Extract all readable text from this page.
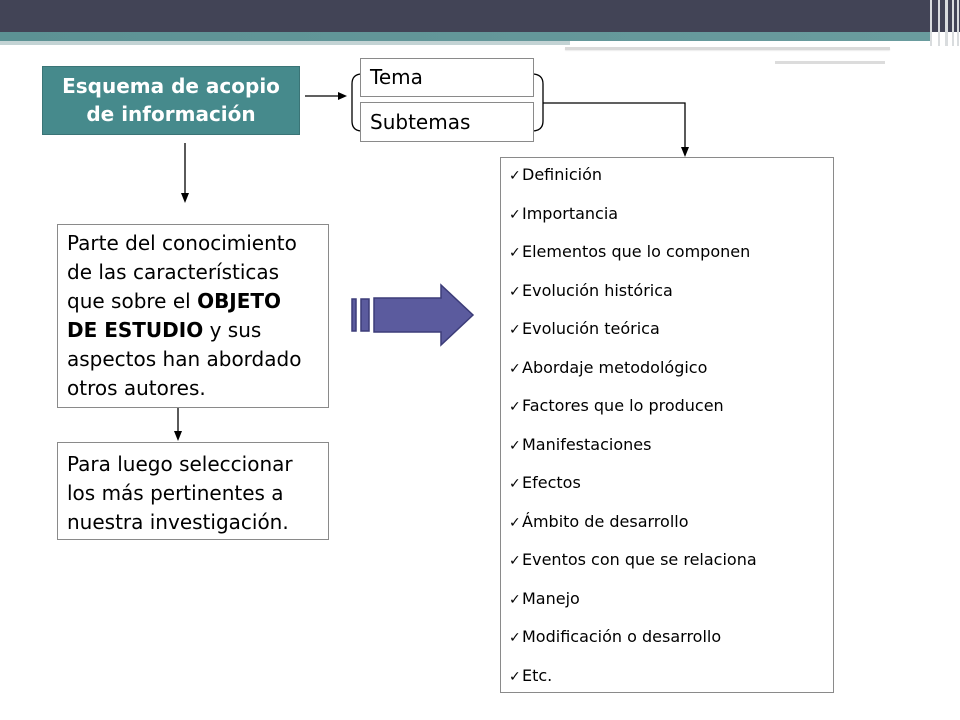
Esquema de acopio
de información
Tema
Subtemas
Parte del conocimiento
de las características
que sobre el OBJETO
DE ESTUDIO y sus
aspectos han abordado
otros autores.
Para luego seleccionar
los más pertinentes a
nuestra investigación.
✓Definición
✓Importancia
✓Elementos que lo componen
✓Evolución histórica
✓Evolución teórica
✓Abordaje metodológico
✓Factores que lo producen
✓Manifestaciones
✓Efectos
✓Ámbito de desarrollo
✓Eventos con que se relaciona
✓Manejo
✓Modificación o desarrollo
✓Etc.
